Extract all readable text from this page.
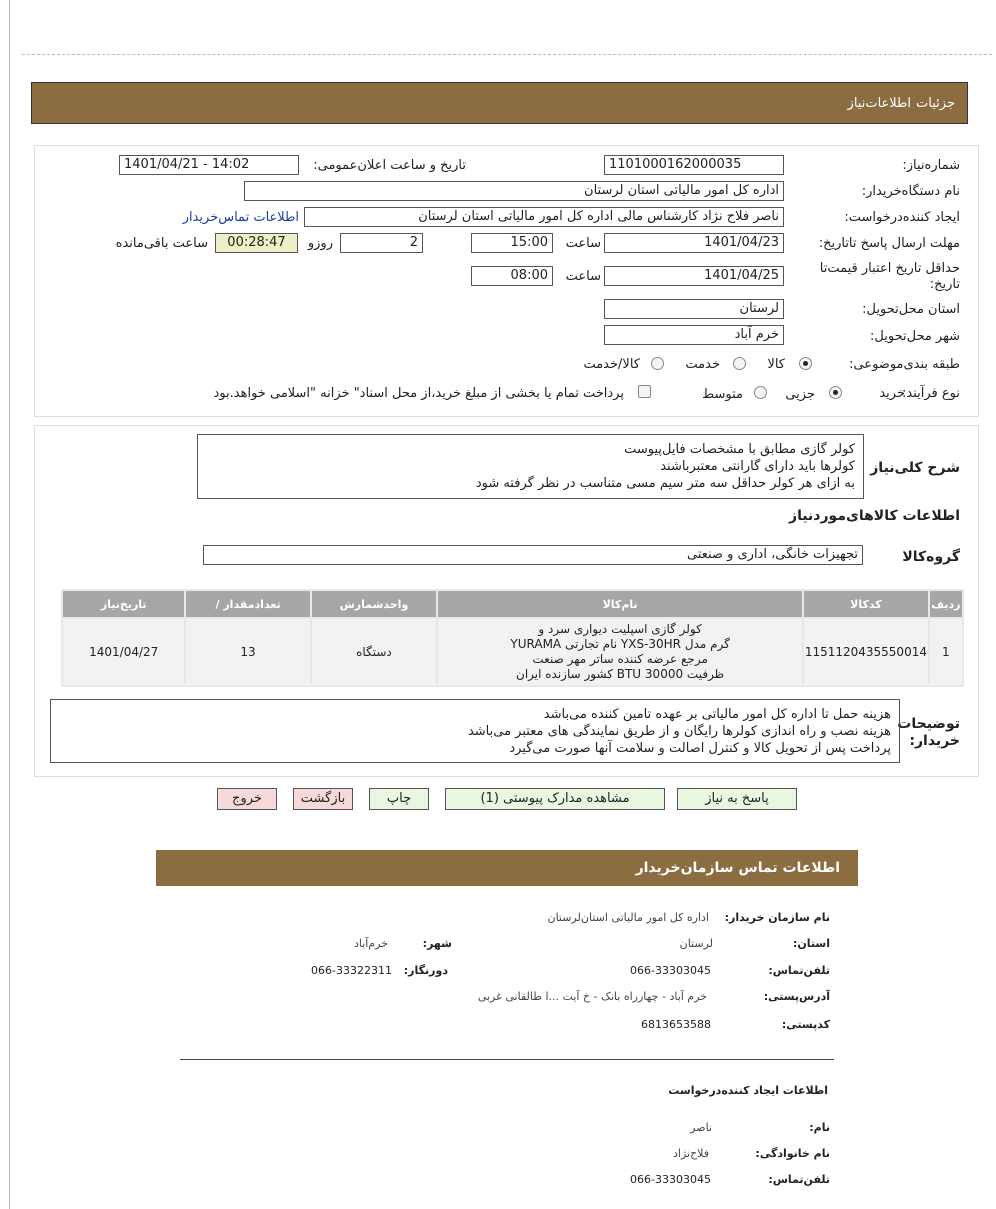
جزئیات
اطلاعات‌نیاز
شماره‌نیاز:
1101000162000035
تاریخ و ساعت اعلان‌عمومی:
1401/04/21 - 14:02
نام دستگاه‌خریدار:
اداره کل امور مالیاتی استان لرستان
ایجاد کننده‌درخواست:
ناصر فلاح نژاد کارشناس مالی اداره کل امور مالیاتی استان لرستان
اطلاعات تماس‌خریدار
مهلت ارسال پاسخ تا‌تاریخ:
1401/04/23
ساعت
15:00
2
روزو
00:28:47
ساعت باقی‌مانده
حداقل تاریخ اعتبار قیمت‌تا تاریخ:
1401/04/25
ساعت
08:00
استان محل‌تحویل:
لرستان
شهر محل‌تحویل:
خرم آباد
طبقه بندی‌موضوعی:
کالا
خدمت
کالا/خدمت
نوع فرآیند:
خرید
جزیی
متوسط
پرداخت تمام یا بخشی از مبلغ خرید،از محل اسناد" خزانه "اسلامی خواهد.بود
شرح کلی‌نیاز
کولر گازی مطابق با مشخصات فایل‌پیوست
کولرها باید دارای گارانتی معتبرباشند
به ازای هر کولر حداقل سه متر سیم مسی متناسب در نظر گرفته شود
اطلاعات کالاهای‌موردنیاز
گروه‌کالا
تجهیزات خانگی، اداری و صنعتی
ردیف	کدکالا	نام‌کالا	واحدشمارش	تعداد‌مقدار /	تاریخ‌نیاز
1	1151120435550014	کولر گازی اسپلیت دیواری سرد و
گرم مدل YXS-30HR نام تجارتی YURAMA
مرجع عرضه کننده ساتر مهر صنعت
ظرفیت 30000 BTU کشور سازنده ایران	دستگاه	13	1401/04/27
توضیحات
خریدار:
هزینه حمل تا اداره کل امور مالیاتی بر عهده تامین کننده می‌باشد
هزینه نصب و راه اندازی کولرها رایگان و از طریق نمایندگی های معتبر می‌باشد
پرداخت پس از تحویل کالا و کنترل اصالت و سلامت آنها صورت می‌گیرد
پاسخ به نیاز
مشاهده مدارک پیوستی (1)
چاپ
بازگشت
خروج
اطلاعات تماس سازمان‌خریدار
نام سازمان خریدار:
اداره کل امور مالیاتی استان‌لرستان
استان:
لرستان
شهر:
خرم‌آباد
تلفن‌تماس:
066-33303045
دورنگار:
066-33322311
آدرس‌پستی:
خرم آباد - چهارراه بانک - خ آیت ...ا طالقانی غربی
کد‌پستی:
6813653588
اطلاعات ایجاد کننده‌درخواست
نام:
ناصر
نام خانوادگی:
فلاح‌نژاد
تلفن‌تماس:
066-33303045
